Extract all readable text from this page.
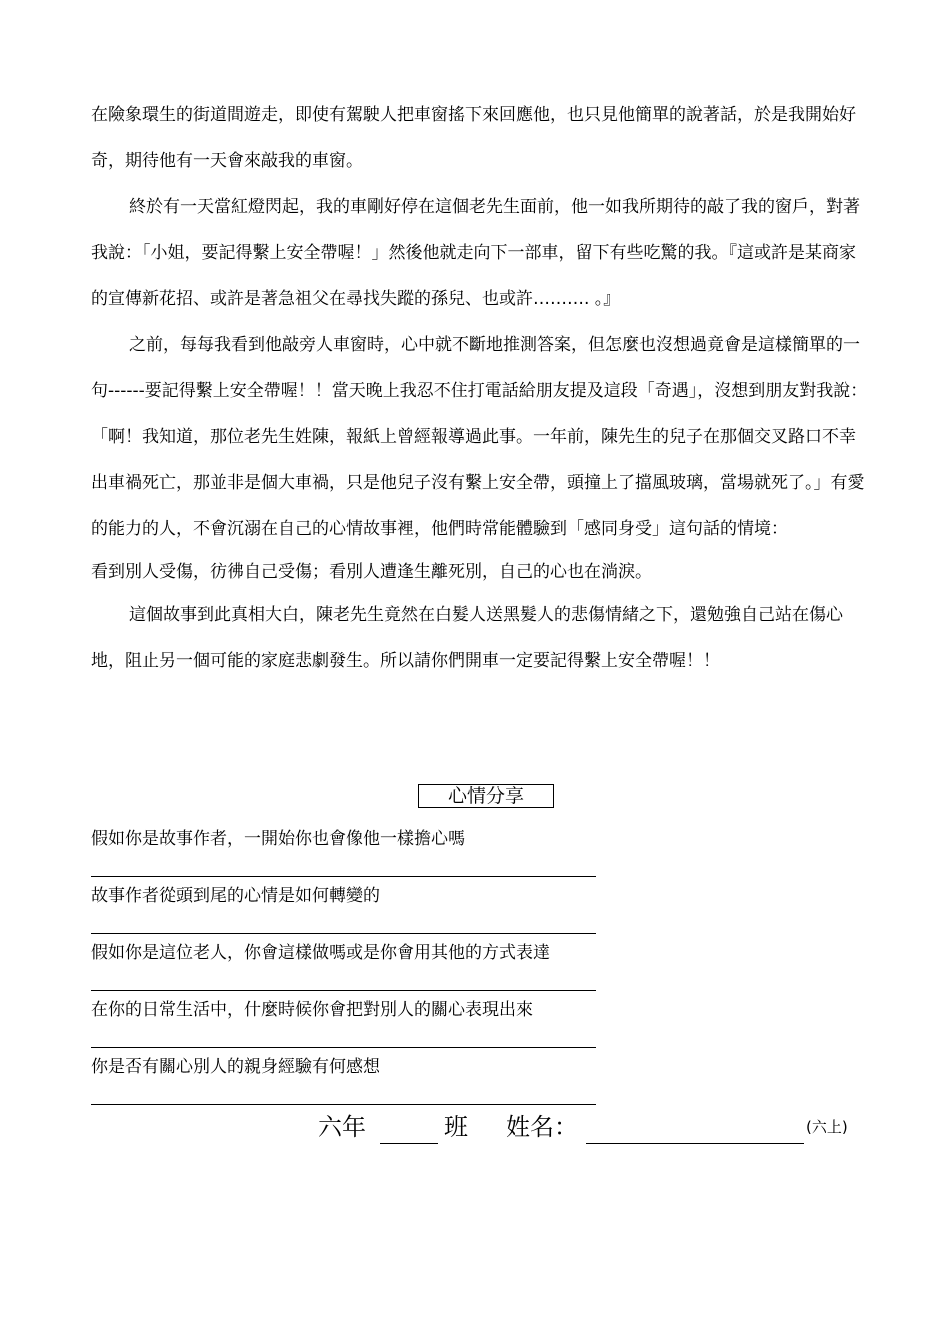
在險象環生的街道間遊走，即使有駕駛人把車窗搖下來回應他，也只見他簡單的說著話，於是我開始好奇，期待他有一天會來敲我的車窗。

終於有一天當紅燈閃起，我的車剛好停在這個老先生面前，他一如我所期待的敲了我的窗戶，對著我說：「小姐，要記得繫上安全帶喔！」然後他就走向下一部車，留下有些吃驚的我。『這或許是某商家的宣傳新花招、或許是著急祖父在尋找失蹤的孫兒、也或許………. 。』

之前，每每我看到他敲旁人車窗時，心中就不斷地推測答案，但怎麼也沒想過竟會是這樣簡單的一句------要記得繫上安全帶喔！！當天晚上我忍不住打電話給朋友提及這段「奇遇」，沒想到朋友對我說：「啊！我知道，那位老先生姓陳，報紙上曾經報導過此事。一年前，陳先生的兒子在那個交叉路口不幸出車禍死亡，那並非是個大車禍，只是他兒子沒有繫上安全帶，頭撞上了擋風玻璃，當場就死了。」有愛的能力的人，不會沉溺在自己的心情故事裡，他們時常能體驗到「感同身受」這句話的情境：

看到別人受傷，彷彿自己受傷；看別人遭逢生離死別，自己的心也在淌淚。

這個故事到此真相大白，陳老先生竟然在白髮人送黑髮人的悲傷情緒之下，還勉強自己站在傷心地，阻止另一個可能的家庭悲劇發生。所以請你們開車一定要記得繫上安全帶喔！！

心情分享
假如你是故事作者，一開始你也會像他一樣擔心嗎
故事作者從頭到尾的心情是如何轉變的
假如你是這位老人，你會這樣做嗎或是你會用其他的方式表達
在你的日常生活中，什麼時候你會把對別人的關心表現出來
你是否有關心別人的親身經驗有何感想
六年	班 姓名：	(六上)
